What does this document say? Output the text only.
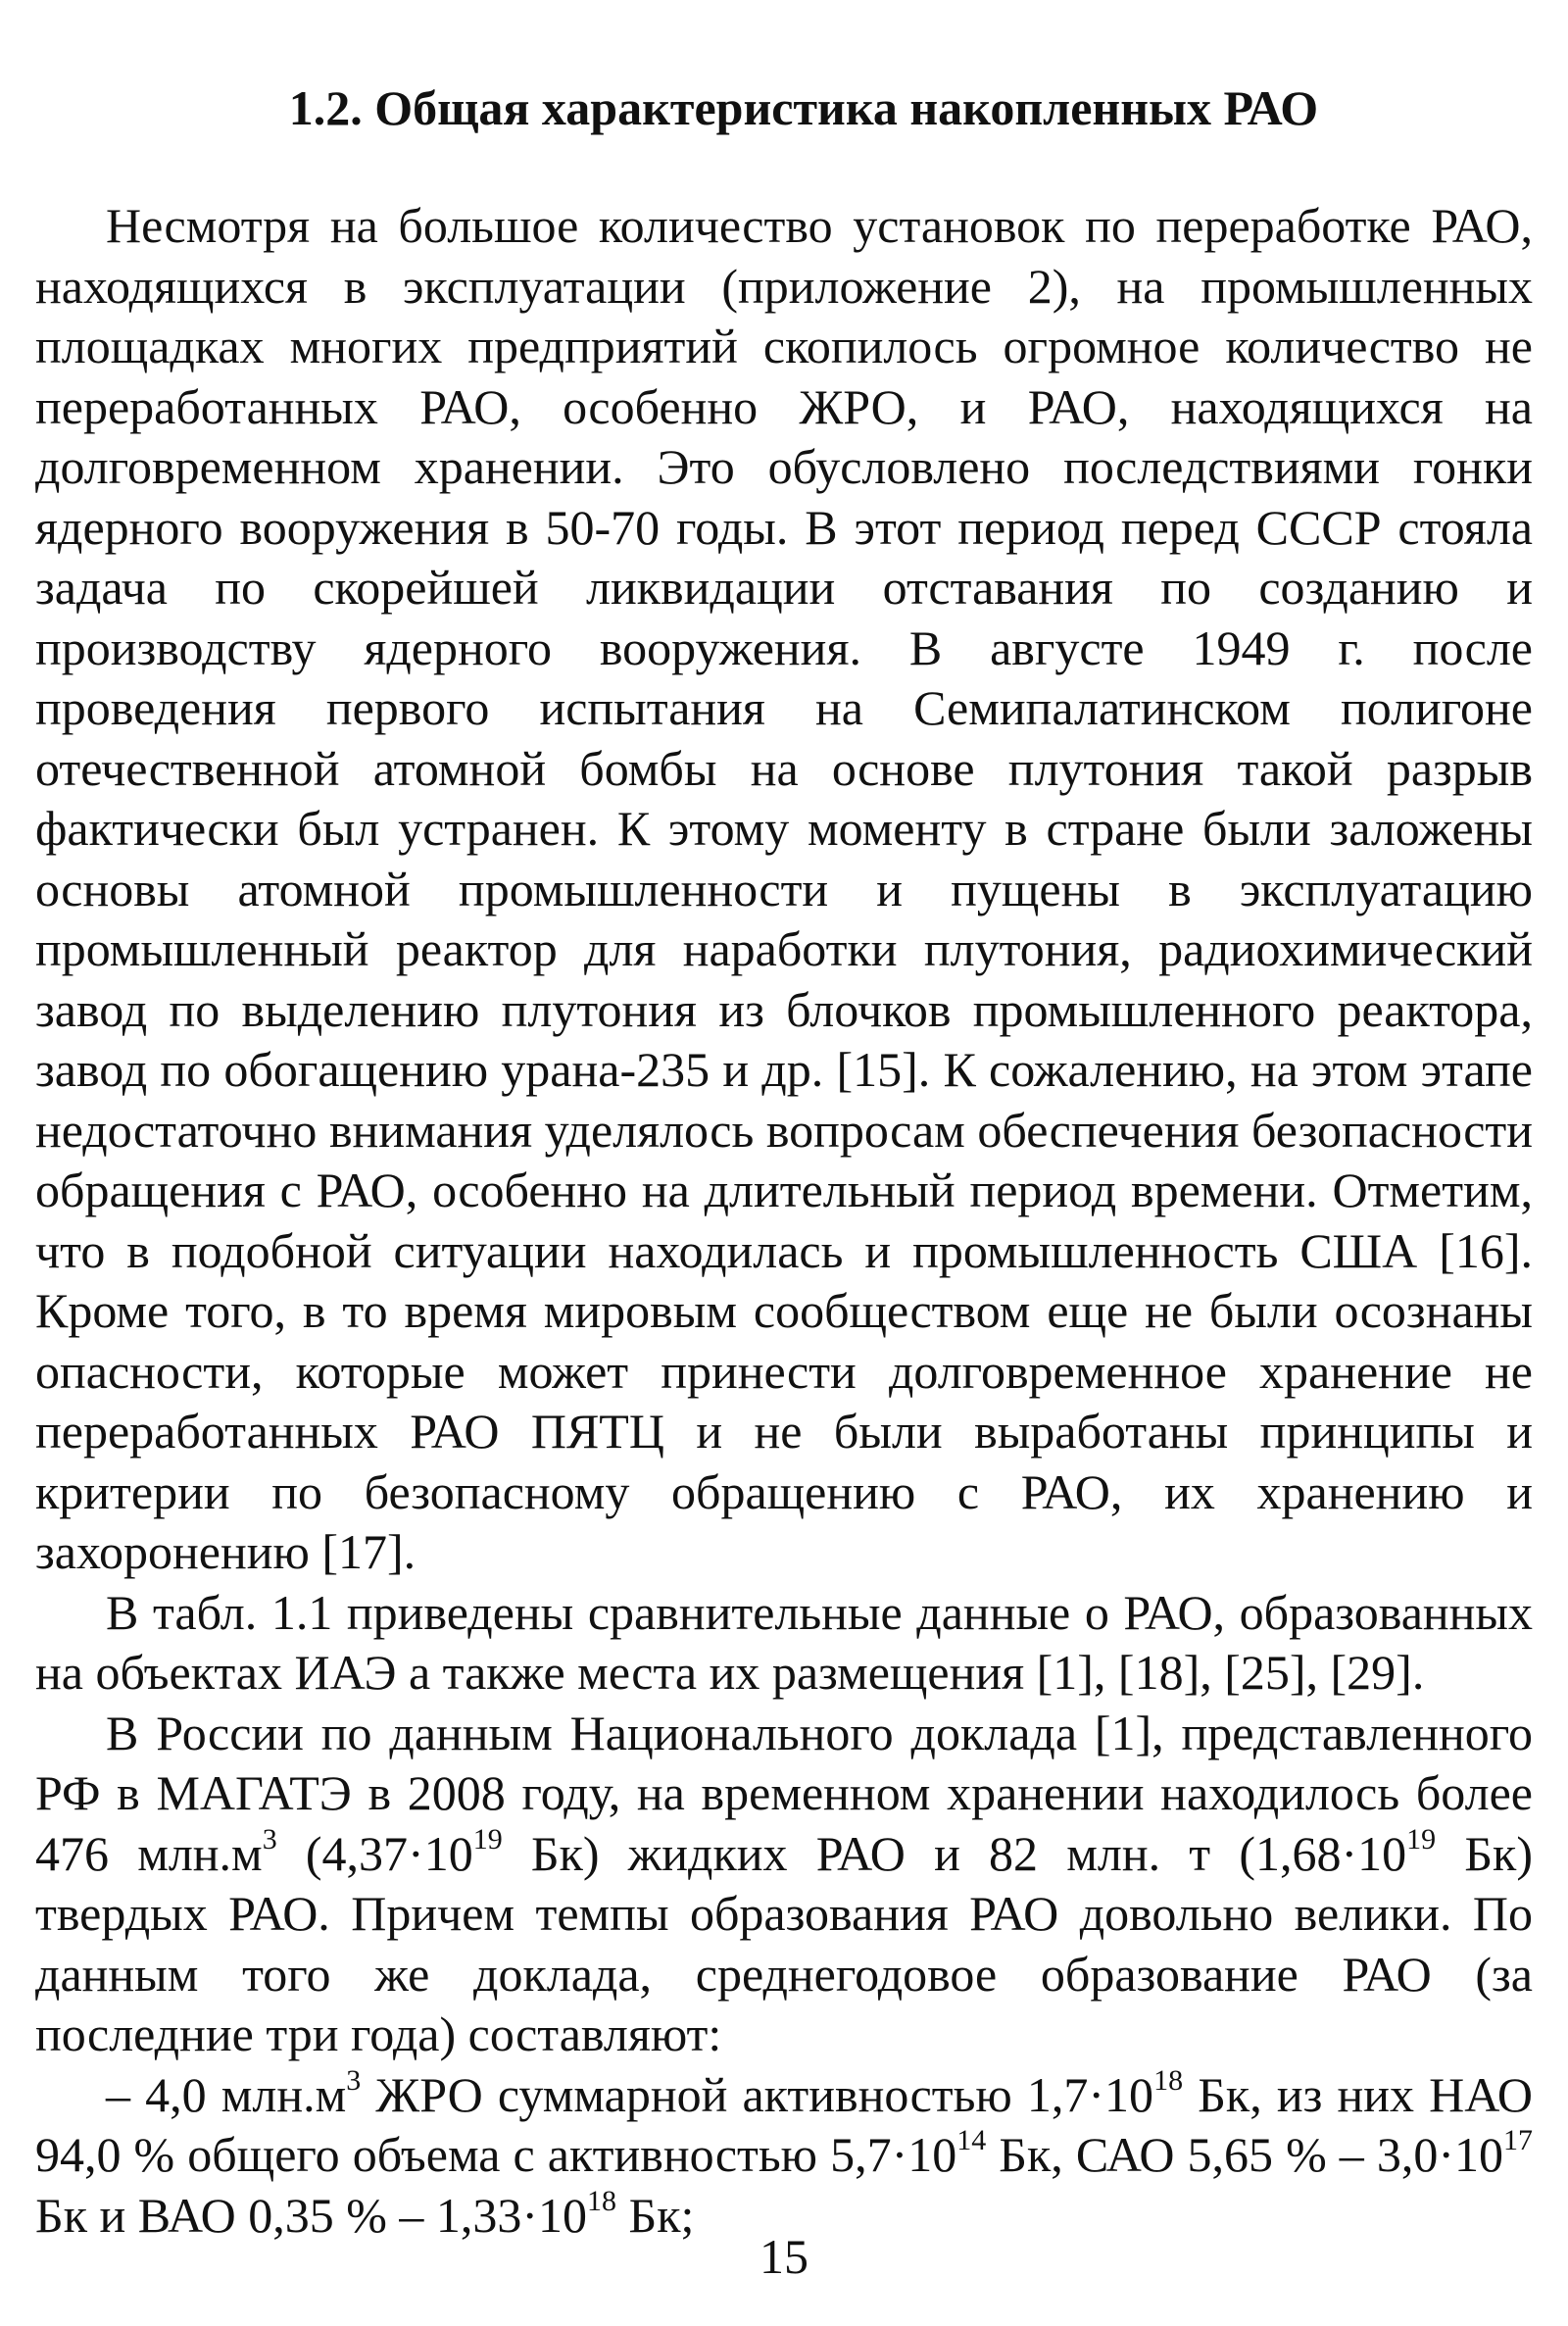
1.2. Общая характеристика накопленных РАО

Несмотря на большое количество установок по переработке РАО, находящихся в эксплуатации (приложение 2), на промышленных площадках многих предприятий скопилось огромное количество не переработанных РАО, особенно ЖРО, и РАО, находящихся на долговременном хранении. Это обусловлено последствиями гонки ядерного вооружения в 50-70 годы. В этот период перед СССР стояла задача по скорейшей ликвидации отставания по созданию и производству ядерного вооружения. В августе 1949 г. после проведения первого испытания на Семипалатинском полигоне отечественной атомной бомбы на основе плутония такой разрыв фактически был устранен. К этому моменту в стране были заложены основы атомной промышленности и пущены в эксплуатацию промышленный реактор для наработки плутония, радиохимический завод по выделению плутония из блочков промышленного реактора, завод по обогащению урана-235 и др. [15]. К сожалению, на этом этапе недостаточно внимания уделялось вопросам обеспечения безопасности обращения с РАО, особенно на длительный период времени. Отметим, что в подобной ситуации находилась и промышленность США [16]. Кроме того, в то время мировым сообществом еще не были осознаны опасности, которые может принести долговременное хранение не переработанных РАО ПЯТЦ и не были выработаны принципы и критерии по безопасному обращению с РАО, их хранению и захоронению [17].

В табл. 1.1 приведены сравнительные данные о РАО, образованных на объектах ИАЭ а также места их размещения [1], [18], [25], [29].

В России по данным Национального доклада [1], представленного РФ в МАГАТЭ в 2008 году, на временном хранении находилось более 476 $млн.м^3$ ($4,37\cdot 10^{19}$ Бк) жидких РАО и 82 млн. т ($1,68\cdot 10^{19}$ Бк) твердых РАО. Причем темпы образования РАО довольно велики. По данным того же доклада, среднегодовое образование РАО (за последние три года) составляют:

– 4,0 $млн.м^3$ ЖРО суммарной активностью $1,7\cdot 10^{18}$ Бк, из них НАО 94,0 % общего объема с активностью $5,7\cdot 10^{14}$ Бк, САО 5,65 % – $3,0\cdot 10^{17}$ Бк и ВАО 0,35 % – $1,33\cdot 10^{18}$ Бк;

15
